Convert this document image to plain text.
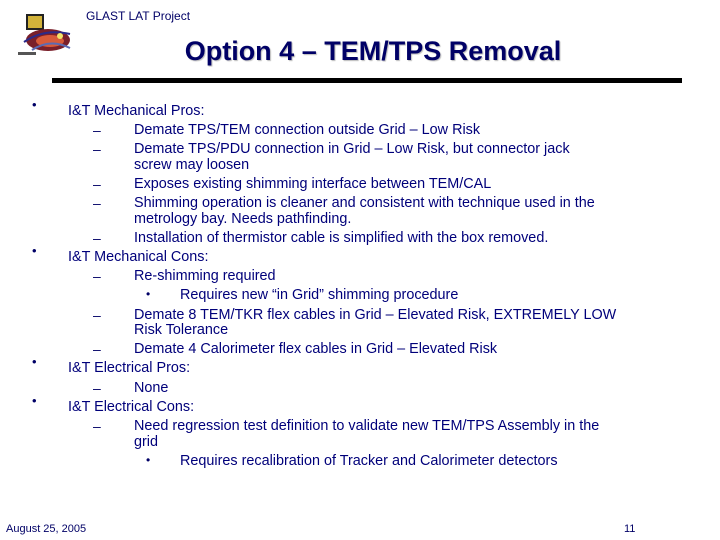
GLAST LAT Project
Option 4 – TEM/TPS Removal
• I&T Mechanical Pros:
– Demate TPS/TEM connection outside Grid – Low Risk
– Demate TPS/PDU connection in Grid – Low Risk, but connector jack
screw may loosen
– Exposes existing shimming interface between TEM/CAL
– Shimming operation is cleaner and consistent with technique used in the
metrology bay. Needs pathfinding.
– Installation of thermistor cable is simplified with the box removed.
• I&T Mechanical Cons:
– Re-shimming required
• Requires new “in Grid” shimming procedure
– Demate 8 TEM/TKR flex cables in Grid – Elevated Risk, EXTREMELY LOW
Risk Tolerance
– Demate 4 Calorimeter flex cables in Grid – Elevated Risk
• I&T Electrical Pros:
– None
• I&T Electrical Cons:
– Need regression test definition to validate new TEM/TPS Assembly in the
grid
• Requires recalibration of Tracker and Calorimeter detectors
August 25, 2005	11
